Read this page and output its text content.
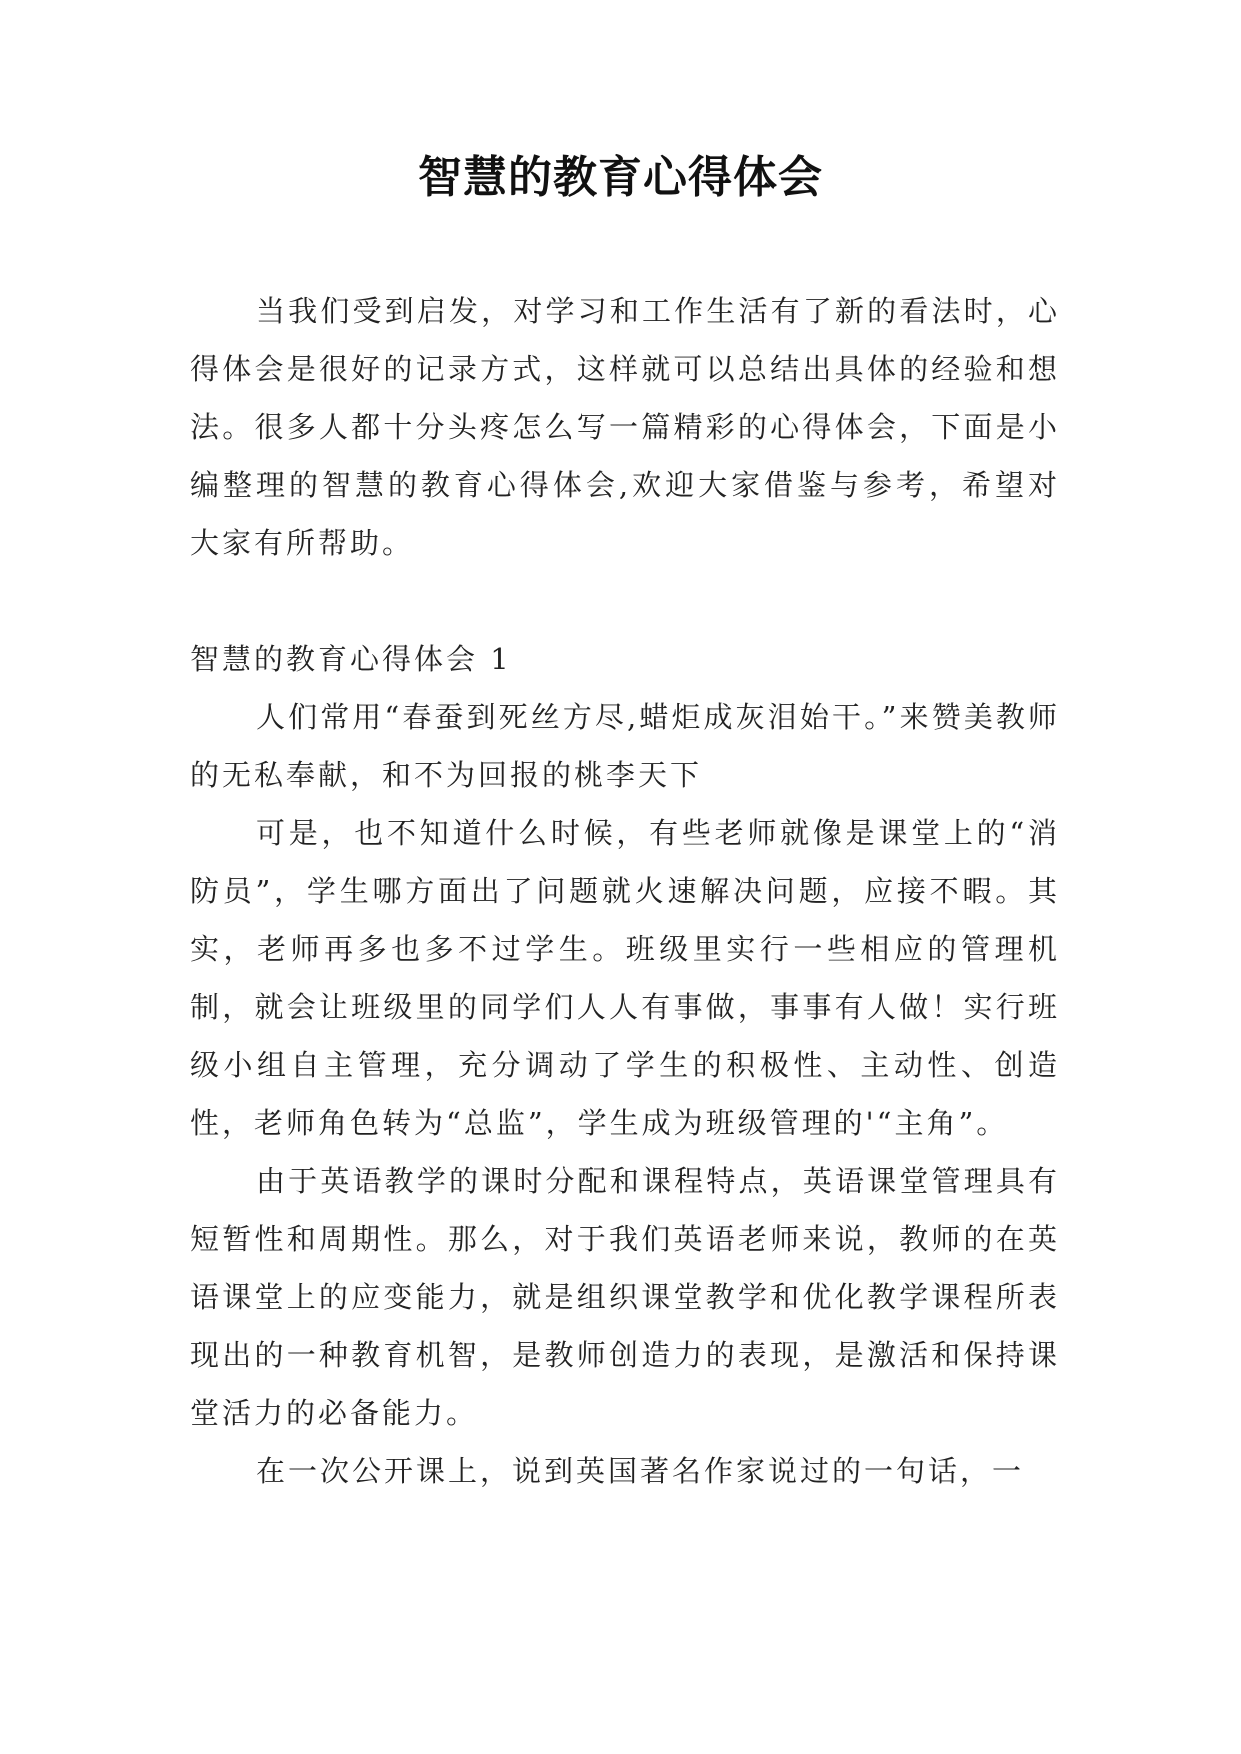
智慧的教育心得体会

当我们受到启发，对学习和工作生活有了新的看法时，心得体会是很好的记录方式，这样就可以总结出具体的经验和想法。很多人都十分头疼怎么写一篇精彩的心得体会，下面是小编整理的智慧的教育心得体会,欢迎大家借鉴与参考，希望对大家有所帮助。

智慧的教育心得体会 1

人们常用“春蚕到死丝方尽,蜡炬成灰泪始干。”来赞美教师的无私奉献，和不为回报的桃李天下

可是，也不知道什么时候，有些老师就像是课堂上的“消防员”，学生哪方面出了问题就火速解决问题，应接不暇。其实，老师再多也多不过学生。班级里实行一些相应的管理机制，就会让班级里的同学们人人有事做，事事有人做！实行班级小组自主管理，充分调动了学生的积极性、主动性、创造性，老师角色转为“总监”，学生成为班级管理的'“主角”。

由于英语教学的课时分配和课程特点，英语课堂管理具有短暂性和周期性。那么，对于我们英语老师来说，教师的在英语课堂上的应变能力，就是组织课堂教学和优化教学课程所表现出的一种教育机智，是教师创造力的表现，是激活和保持课堂活力的必备能力。

在一次公开课上，说到英国著名作家说过的一句话，一
